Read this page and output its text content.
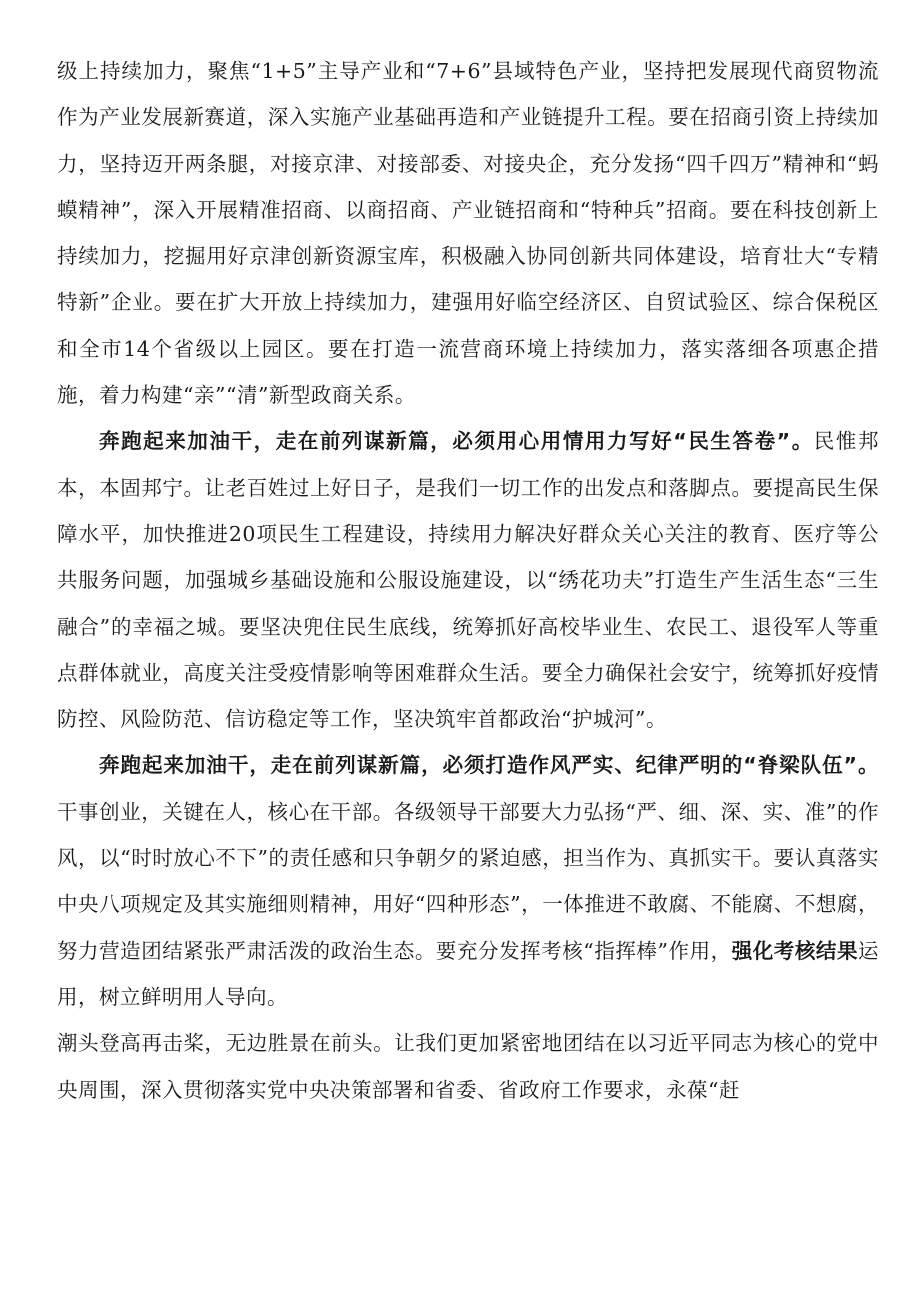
级上持续加力，聚焦“1+5”主导产业和“7+6”县域特色产业，坚持把发展现代商贸物流作为产业发展新赛道，深入实施产业基础再造和产业链提升工程。要在招商引资上持续加力，坚持迈开两条腿，对接京津、对接部委、对接央企，充分发扬“四千四万”精神和“蚂蟆精神”，深入开展精准招商、以商招商、产业链招商和“特种兵”招商。要在科技创新上持续加力，挖掘用好京津创新资源宝库，积极融入协同创新共同体建设，培育壮大“专精特新”企业。要在扩大开放上持续加力，建强用好临空经济区、自贸试验区、综合保税区和全市14个省级以上园区。要在打造一流营商环境上持续加力，落实落细各项惠企措施，着力构建“亲”“清”新型政商关系。

奔跑起来加油干，走在前列谋新篇，必须用心用情用力写好“民生答卷”。民惟邦本，本固邦宁。让老百姓过上好日子，是我们一切工作的出发点和落脚点。要提高民生保障水平，加快推进20项民生工程建设，持续用力解决好群众关心关注的教育、医疗等公共服务问题，加强城乡基础设施和公服设施建设，以“绣花功夫”打造生产生活生态“三生融合”的幸福之城。要坚决兜住民生底线，统筹抓好高校毕业生、农民工、退役军人等重点群体就业，高度关注受疫情影响等困难群众生活。要全力确保社会安宁，统筹抓好疫情防控、风险防范、信访稳定等工作，坚决筑牢首都政治“护城河”。

奔跑起来加油干，走在前列谋新篇，必须打造作风严实、纪律严明的“脊梁队伍”。干事创业，关键在人，核心在干部。各级领导干部要大力弘扬“严、细、深、实、准”的作风，以“时时放心不下”的责任感和只争朝夕的紧迫感，担当作为、真抓实干。要认真落实中央八项规定及其实施细则精神，用好“四种形态”，一体推进不敢腐、不能腐、不想腐，努力营造团结紧张严肃活泼的政治生态。要充分发挥考核“指挥棒”作用，强化考核结果运用，树立鲜明用人导向。

潮头登高再击桨，无边胜景在前头。让我们更加紧密地团结在以习近平同志为核心的党中央周围，深入贯彻落实党中央决策部署和省委、省政府工作要求，永葆“赶
